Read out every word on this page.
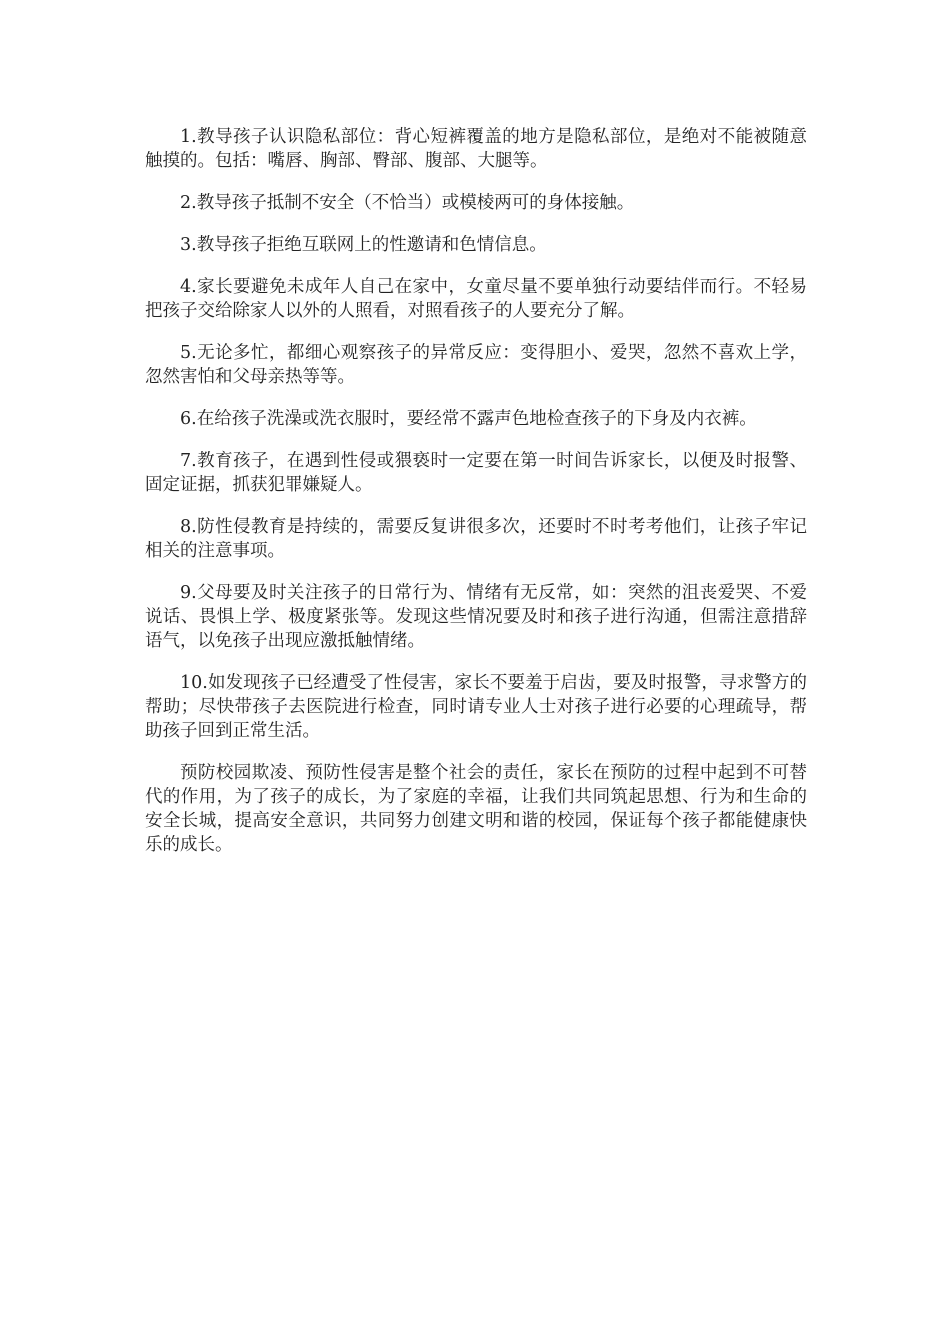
1.教导孩子认识隐私部位：背心短裤覆盖的地方是隐私部位，是绝对不能被随意触摸的。包括：嘴唇、胸部、臀部、腹部、大腿等。

2.教导孩子抵制不安全（不恰当）或模棱两可的身体接触。

3.教导孩子拒绝互联网上的性邀请和色情信息。

4.家长要避免未成年人自己在家中，女童尽量不要单独行动要结伴而行。不轻易把孩子交给除家人以外的人照看，对照看孩子的人要充分了解。

5.无论多忙，都细心观察孩子的异常反应：变得胆小、爱哭，忽然不喜欢上学，忽然害怕和父母亲热等等。

6.在给孩子洗澡或洗衣服时，要经常不露声色地检查孩子的下身及内衣裤。

7.教育孩子，在遇到性侵或猥亵时一定要在第一时间告诉家长，以便及时报警、固定证据，抓获犯罪嫌疑人。

8.防性侵教育是持续的，需要反复讲很多次，还要时不时考考他们，让孩子牢记相关的注意事项。

9.父母要及时关注孩子的日常行为、情绪有无反常，如：突然的沮丧爱哭、不爱说话、畏惧上学、极度紧张等。发现这些情况要及时和孩子进行沟通，但需注意措辞语气，以免孩子出现应激抵触情绪。

10.如发现孩子已经遭受了性侵害，家长不要羞于启齿，要及时报警，寻求警方的帮助；尽快带孩子去医院进行检查，同时请专业人士对孩子进行必要的心理疏导，帮助孩子回到正常生活。

预防校园欺凌、预防性侵害是整个社会的责任，家长在预防的过程中起到不可替代的作用，为了孩子的成长，为了家庭的幸福，让我们共同筑起思想、行为和生命的安全长城，提高安全意识，共同努力创建文明和谐的校园，保证每个孩子都能健康快乐的成长。
